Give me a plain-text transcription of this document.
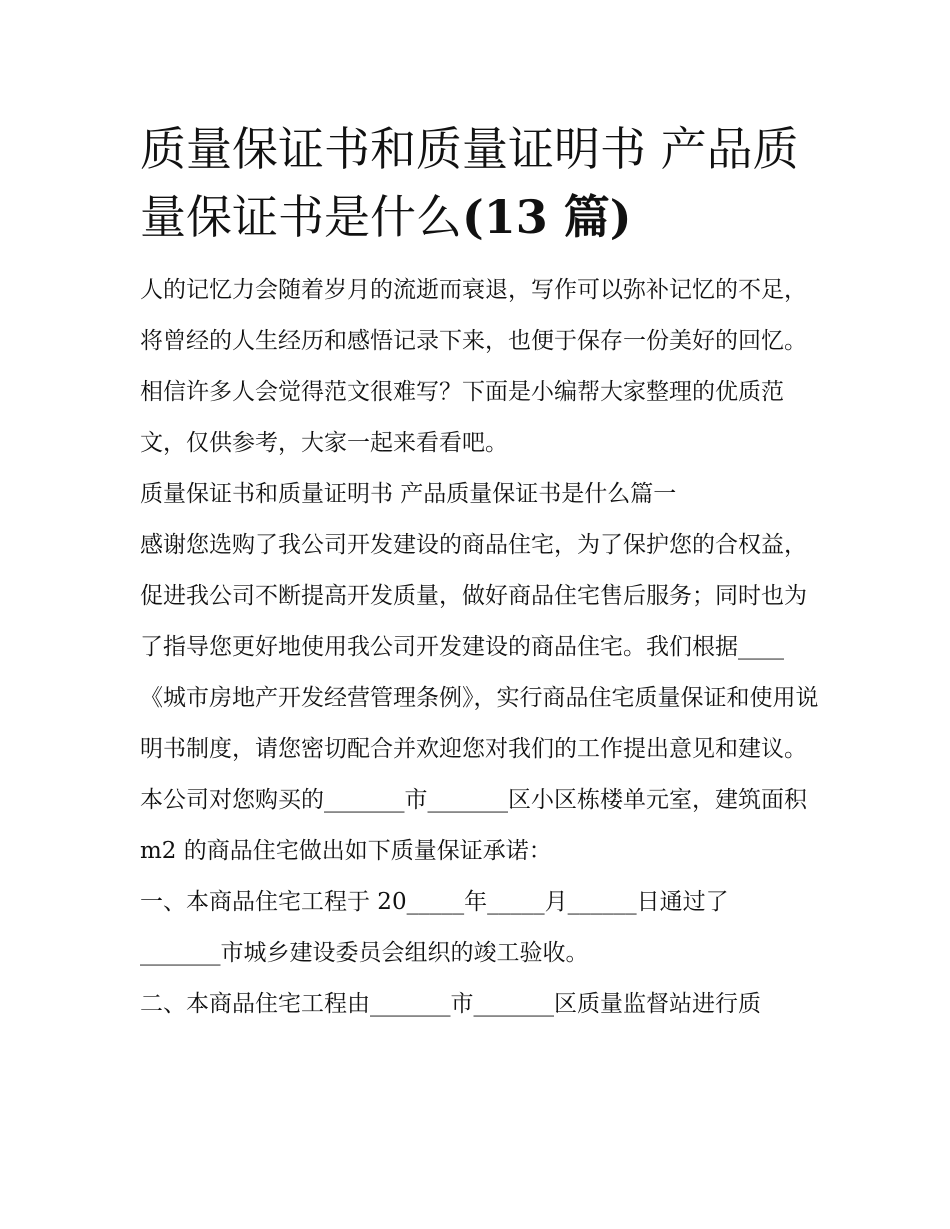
质量保证书和质量证明书 产品质量保证书是什么(13 篇)

人的记忆力会随着岁月的流逝而衰退，写作可以弥补记忆的不足，将曾经的人生经历和感悟记录下来，也便于保存一份美好的回忆。相信许多人会觉得范文很难写？下面是小编帮大家整理的优质范文，仅供参考，大家一起来看看吧。

质量保证书和质量证明书 产品质量保证书是什么篇一

感谢您选购了我公司开发建设的商品住宅，为了保护您的合权益，促进我公司不断提高开发质量，做好商品住宅售后服务；同时也为了指导您更好地使用我公司开发建设的商品住宅。我们根据____《城市房地产开发经营管理条例》，实行商品住宅质量保证和使用说明书制度，请您密切配合并欢迎您对我们的工作提出意见和建议。

本公司对您购买的_______市_______区小区栋楼单元室，建筑面积 m2 的商品住宅做出如下质量保证承诺：

一、本商品住宅工程于 20_____年_____月______日通过了

_______市城乡建设委员会组织的竣工验收。

二、本商品住宅工程由_______市_______区质量监督站进行质
